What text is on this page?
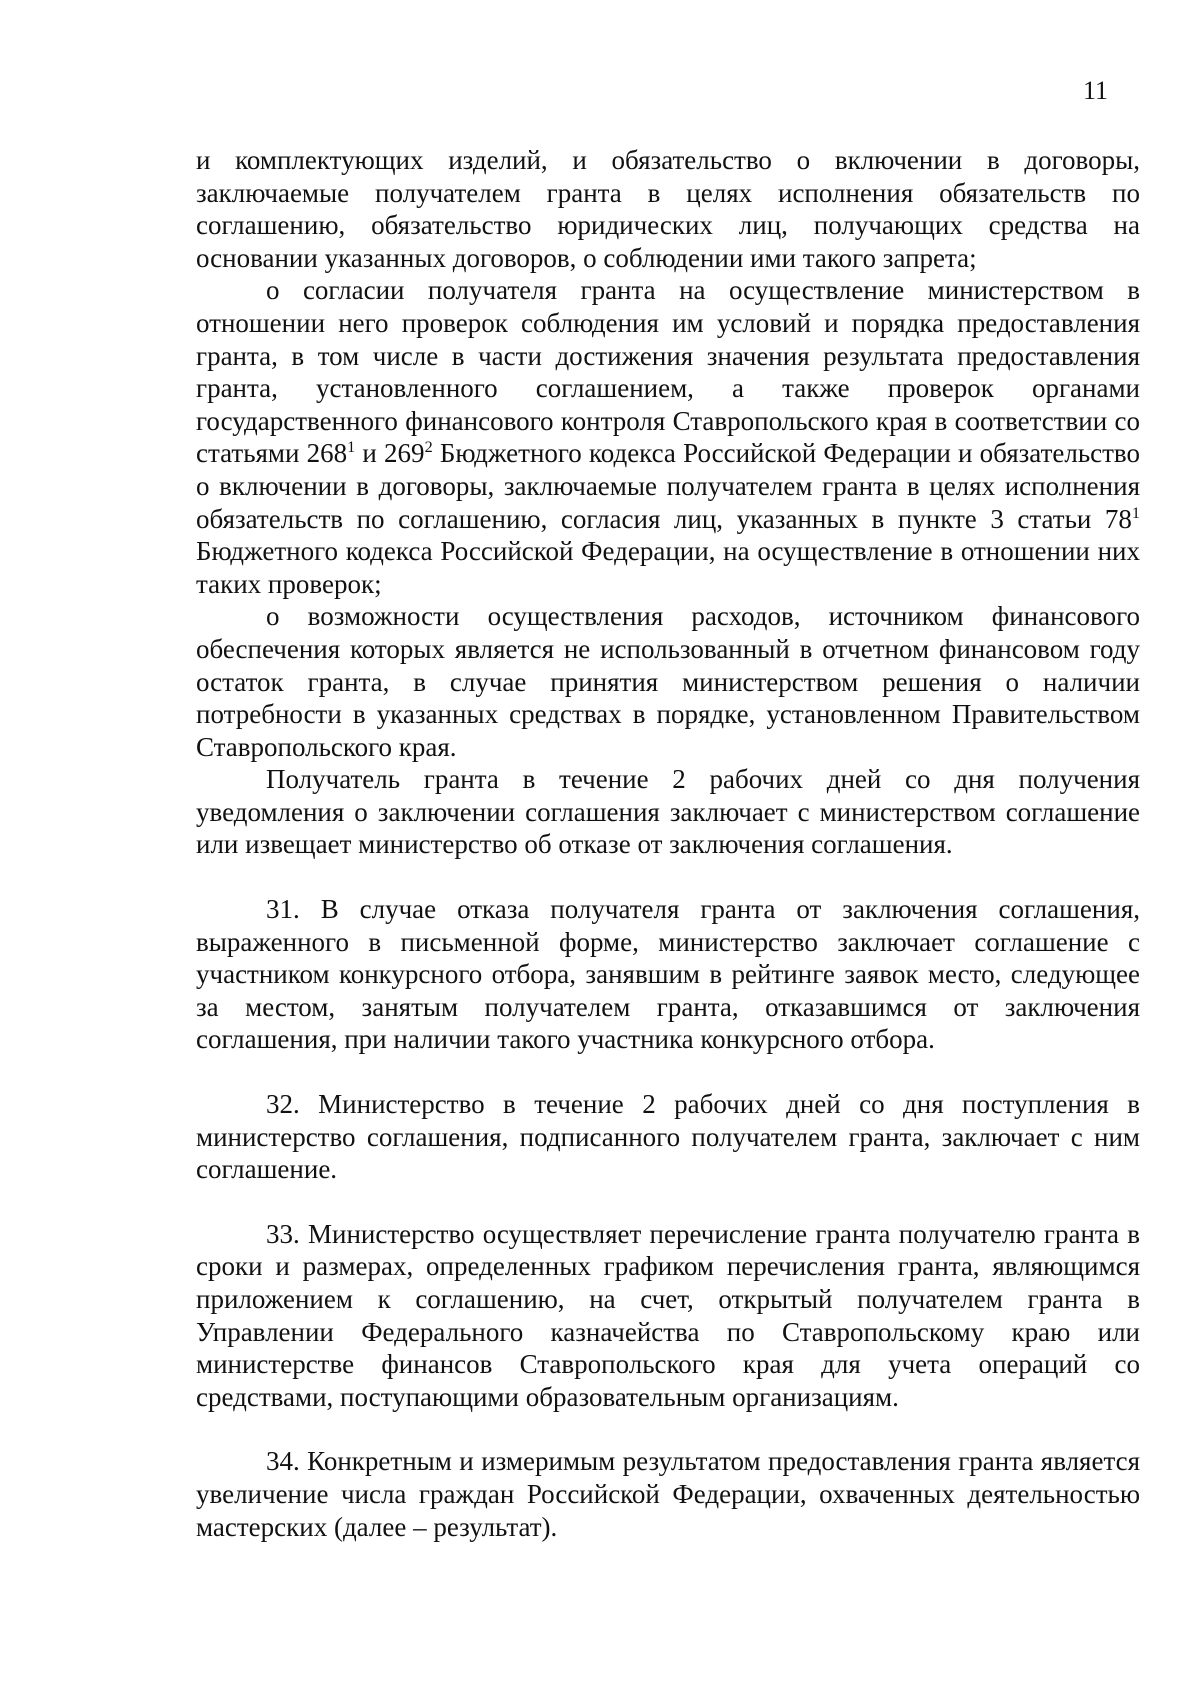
11

и комплектующих изделий, и обязательство о включении в договоры, заключаемые получателем гранта в целях исполнения обязательств по соглашению, обязательство юридических лиц, получающих средства на основании указанных договоров, о соблюдении ими такого запрета;

о согласии получателя гранта на осуществление министерством в отношении него проверок соблюдения им условий и порядка предоставления гранта, в том числе в части достижения значения результата предоставления гранта, установленного соглашением, а также проверок органами государственного финансового контроля Ставропольского края в соответствии со статьями $268^1$ и $269^2$ Бюджетного кодекса Российской Федерации и обязательство о включении в договоры, заключаемые получателем гранта в целях исполнения обязательств по соглашению, согласия лиц, указанных в пункте 3 статьи $78^1$ Бюджетного кодекса Российской Федерации, на осуществление в отношении них таких проверок;

о возможности осуществления расходов, источником финансового обеспечения которых является не использованный в отчетном финансовом году остаток гранта, в случае принятия министерством решения о наличии потребности в указанных средствах в порядке, установленном Правительством Ставропольского края.

Получатель гранта в течение 2 рабочих дней со дня получения уведомления о заключении соглашения заключает с министерством соглашение или извещает министерство об отказе от заключения соглашения.

31. В случае отказа получателя гранта от заключения соглашения, выраженного в письменной форме, министерство заключает соглашение с участником конкурсного отбора, занявшим в рейтинге заявок место, следующее за местом, занятым получателем гранта, отказавшимся от заключения соглашения, при наличии такого участника конкурсного отбора.

32. Министерство в течение 2 рабочих дней со дня поступления в министерство соглашения, подписанного получателем гранта, заключает с ним соглашение.

33. Министерство осуществляет перечисление гранта получателю гранта в сроки и размерах, определенных графиком перечисления гранта, являющимся приложением к соглашению, на счет, открытый получателем гранта в Управлении Федерального казначейства по Ставропольскому краю или министерстве финансов Ставропольского края для учета операций со средствами, поступающими образовательным организациям.

34. Конкретным и измеримым результатом предоставления гранта является увеличение числа граждан Российской Федерации, охваченных деятельностью мастерских (далее – результат).
